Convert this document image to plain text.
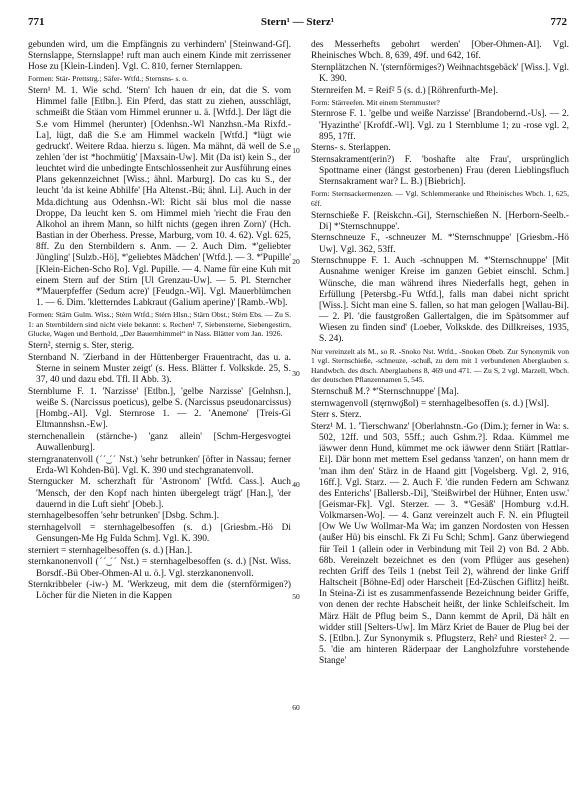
771	Stern¹ — Sterz¹	772

gebunden wird, um die Empfängnis zu verhindern' [Steinwand-Gf]. Sternslappe, Sternslappe! ruft man auch einem Kinde mit zerrissener Hose zu [Klein-Linden]. Vgl. C. 810, ferner Sternlappen.

Formen: Stär- Prettstrg.; Säfer- Wtfd.; Sternsns- s. o.

Stern¹ M. 1. Wie schd. 'Stern' Ich hauen dr ein, dat die S. vom Himmel falle [Etlbn.]. Ein Pferd, das statt zu ziehen, ausschlägt, schmeißt die Stäan vom Himmel erunner u. ä. [Wtfd.]. Der lägt die S.e vom Himmel (herunter) [Odenhsn.-Wl Nanzhsn.-Ma Rixfd.-La], lügt, daß die S.e am Himmel wackeln [Wtfd.] *lügt wie gedruckt'. Weitere Rdaa. hierzu s. lügen. Ma mähnt, dä well de S.e zehlen 'der ist *hochmütig' [Maxsain-Uw]. Mit (Da ist) kein S., der leuchtet wird die unbedingte Entschlossenheit zur Ausführung eines Plans gekennzeichnet [Wiss.; ähnl. Marburg]. Do cas ku S., der leucht 'da ist keine Abhilfe' [Ha Altenst.-Bü; ähnl. Li]. Auch in der Mda.dichtung aus Odenhsn.-Wl: Richt säi blus mol die nasse Droppe, Da leucht ken S. om Himmel mieh 'riecht die Frau den Alkohol an ihrem Mann, so hilft nichts (gegen ihren Zorn)' (Hch. Bastian in der Oberhess. Presse, Marburg, vom 10. 4. 62). Vgl. 625, 8ff. Zu den Sternbildern s. Anm. — 2. Auch Dim. *'geliebter Jüngling' [Sulzb.-Hö], *'geliebtes Mädchen' [Wtfd.]. — 3. *'Pupille' [Klein-Eichen-Scho Ro]. Vgl. Pupille. — 4. Name für eine Kuh mit einem Stern auf der Stirn [Ul Grenzau-Uw]. — 5. Pl. Sterncher *'Mauerpfeffer (Sedum acre)' [Feudgn.-Wi]. Vgl. Mauerblümchen 1. — 6. Dim. 'kletterndes Labkraut (Galium aperine)' [Ramb.-Wb].

Formen: Stärn Gulm. Wiss.; Stèrn Wtfd.; Stérn Hlsn.; Stärn Obst.; Stérn Ebs. — Zu S. 1: an Sternbildern sind nicht viele bekannt: s. Rechen¹ 7, Siebensterne, Siebengestirn, Glucke, Wagen und Berthold, „Der Bauernhimmel“ in Nass. Blätter vom Jan. 1926.

Stern², sternig s. Ster, sterig.

Sternband N. 'Zierband in der Hüttenberger Frauentracht, das u. a. Sterne in seinem Muster zeigt' (s. Hess. Blätter f. Volkskde. 25, S. 37, 40 und dazu ebd. Tfl. II Abb. 3).

Sternblume F. 1. 'Narzisse' [Etlbn.], 'gelbe Narzisse' [Gelnhsn.], weiße S. (Narcissus poeticus), gelbe S. (Narcissus pseudonarcissus) [Hombg.-Al]. Vgl. Sternrose 1. — 2. 'Anemone' [Treis-Gi Eltmannshsn.-Ew].

sternchenallein (stärnche-) 'ganz allein' [Schm-Hergesvogtei Auwallenburg].

sterngranatenvoll (ˊˊ͜ ˊˊ Nst.) 'sehr betrunken' [öfter in Nassau; ferner Erda-Wl Kohden-Bü]. Vgl. K. 390 und stechgranatenvoll.

Sterngucker M. scherzhaft für 'Astronom' [Wtfd. Cass.]. Auch 'Mensch, der den Kopf nach hinten übergelegt trägt' [Han.], 'der dauernd in die Luft sieht' [Obeb.].

sternhagelbesoffen 'sehr betrunken' [Dsbg. Schm.].

sternhagelvoll = sternhagelbesoffen (s. d.) [Griesbm.-Hö Di Gensungen-Me Hg Fulda Schm]. Vgl. K. 390.

sterniert = sternhagelbesoffen (s. d.) [Han.].

sternkanonenvoll (ˊˊ͜ ˊˊ Nst.) = sternhagelbesoffen (s. d.) [Nst. Wiss. Borsdf.-Bü Ober-Ohmen-Al u. ö.]. Vgl. sterzkanonenvoll.

Sternkribbeler (-iw-) M. 'Werkzeug, mit dem die (sternförmigen?) Löcher für die Nieten in die Kappen

10
20
30
40
50
60

des Messerhefts gebohrt werden' [Ober-Ohmen-Al]. Vgl. Rheinisches Wbch. 8, 639, 49f. und 642, 16f.

Sternplätzchen N. '(sternförmiges?) Weihnachtsgebäck' [Wiss.]. Vgl. K. 390.

Sternreifen M. = Reif² 5 (s. d.) [Röhrenfurth-Me].

Form: Stärreefen. Mit einem Sternmuster?

Sternrose F. 1. 'gelbe und weiße Narzisse' [Brandobernd.-Us]. — 2. 'Hyazinthe' [Krofdf.-Wl]. Vgl. zu 1 Sternblume 1; zu -rose vgl. 2, 895, 17ff.

Sterns- s. Sterlappen.

Sternsakrament(erin?) F. 'boshafte alte Frau', ursprünglich Spottname einer (längst gestorbenen) Frau (deren Lieblingsfluch Sternsakrament war? L. B.) [Biebrich].

Form: Sternsackermenzen. — Vgl. Schlemmeranke und Rheinisches Wbch. 1, 625, 6ff.

Sternschieße F. [Reiskchn.-Gi], Sternschießen N. [Herborn-Seelb.-Di] *'Sternschnuppe'.

Sternschneuze F., -schneuzer M. *'Sternschnuppe' [Griesbm.-Hö Uw]. Vgl. 362, 53ff.

Sternschnuppe F. 1. Auch -schnuppen M. *'Sternschnuppe' [Mit Ausnahme weniger Kreise im ganzen Gebiet einschl. Schm.] Wünsche, die man während ihres Niederfalls hegt, gehen in Erfüllung [Petersbg.-Fu Wtfd.], falls man dabei nicht spricht [Wiss.]. Sicht man eine S. fallen, so hat man gelogen [Wallau-Bi]. — 2. Pl. 'die faustgroßen Gallertalgen, die im Spätsommer auf Wiesen zu finden sind' (Loeber, Volkskde. des Dillkreises, 1935, S. 24).

Nur vereinzelt als M., so R. -Snoko Nst. Wtfd., -Snoken Obeb. Zur Synonymik von 1 vgl. Sternschieße, -schneuze, -schuß, zu dem mit 1 verbundenen Aberglauben s. Handwbch. des dtsch. Aberglaubens 8, 469 und 471. — Zu S, 2 vgl. Marzell, Wbch. der deutschen Pflanzennamen 5, 545.

Sternschuß M.? *'Sternschnuppe' [Ma].

sternwagenvoll (stęrnwǫ̈ßol) = sternhagelbesoffen (s. d.) [Wsl].

Sterr s. Sterz.

Sterz¹ M. 1. 'Tierschwanz' [Oberlahnstn.-Go (Dim.); ferner in Wa: s. 502, 12ff. und 503, 55ff.; auch Gshm.?]. Rdaa. Kümmel me iäwwer denn Hund, kümmet me ock iäwwer denn Stiärt [Rattlar-Ei]. Där honn met mettem Esel gedanss 'tanzen', on hann mem dr 'man ihm den' Stärz in de Haand gitt [Vogelsberg. Vgl. 2, 916, 16ff.]. Vgl. Starz. — 2. Auch F. 'die runden Federn am Schwanz des Enterichs' [Ballersb.-Di], 'Steißwirbel der Hühner, Enten usw.' [Geismar-Fk]. Vgl. Sterzer. — 3. *'Gesäß' [Homburg v.d.H. Volkmarsen-Wo]. — 4. Ganz vereinzelt auch F. N. ein Pflugteil [Ow We Uw Wollmar-Ma Wa; im ganzen Nordosten von Hessen (außer Hü) bis einschl. Fk Zi Fu Schl; Schm]. Ganz überwiegend für Teil 1 (allein oder in Verbindung mit Teil 2) von Bd. 2 Abb. 68b. Vereinzelt bezeichnet es den (vom Pflüger aus gesehen) rechten Griff des Teils 1 (nebst Teil 2), während der linke Griff Haltscheit [Böhne-Ed] oder Harscheit [Ed-Züschen Giflitz] heißt. In Steina-Zi ist es zusammenfassende Bezeichnung beider Griffe, von denen der rechte Habscheit heißt, der linke Schleifscheit. Im März Hält de Pflug beim S., Dann kemmt de April, Dä hält en widder still [Selters-Uw]. Im März Kriet de Bauer de Plug bei der S. [Etlbn.]. Zur Synonymik s. Pflugsterz, Reh² und Riester² 2. — 5. 'die am hinteren Räderpaar der Langholzfuhre vorstehende Stange'
